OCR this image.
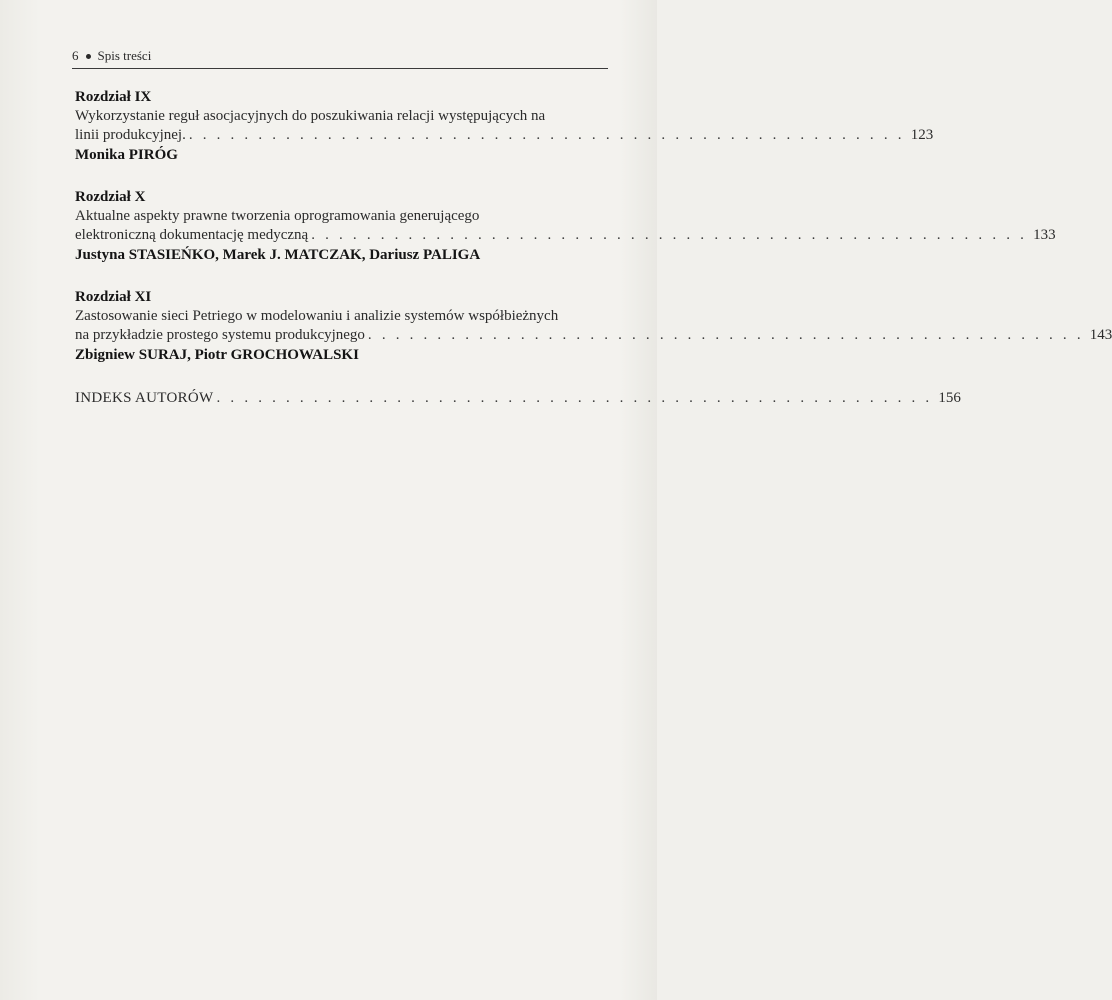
6 Spis treści
Rozdział IX
Wykorzystanie reguł asocjacyjnych do poszukiwania relacji występujących na
linii produkcyjnej. . . . . . . . . . . . . . . . . . . . . . . . . . . . . . . . . . . . . . . . . . . . . . . . . . . . . 123
Monika PIRÓG
Rozdział X
Aktualne aspekty prawne tworzenia oprogramowania generującego
elektroniczną dokumentację medyczną . . . . . . . . . . . . . . . . . . . . . . . . . . . . . . . . . . . . . . . . . . . . . . . . . . . . 133
Justyna STASIEŃKO, Marek J. MATCZAK, Dariusz PALIGA
Rozdział XI
Zastosowanie sieci Petriego w modelowaniu i analizie systemów współbieżnych
na przykładzie prostego systemu produkcyjnego . . . . . . . . . . . . . . . . . . . . . . . . . . . . . . . . . . . . . . . . . . . . . . . . . . . . 143
Zbigniew SURAJ, Piotr GROCHOWALSKI
INDEKS AUTORÓW . . . . . . . . . . . . . . . . . . . . . . . . . . . . . . . . . . . . . . . . . . . . . . . . . . . . 156
